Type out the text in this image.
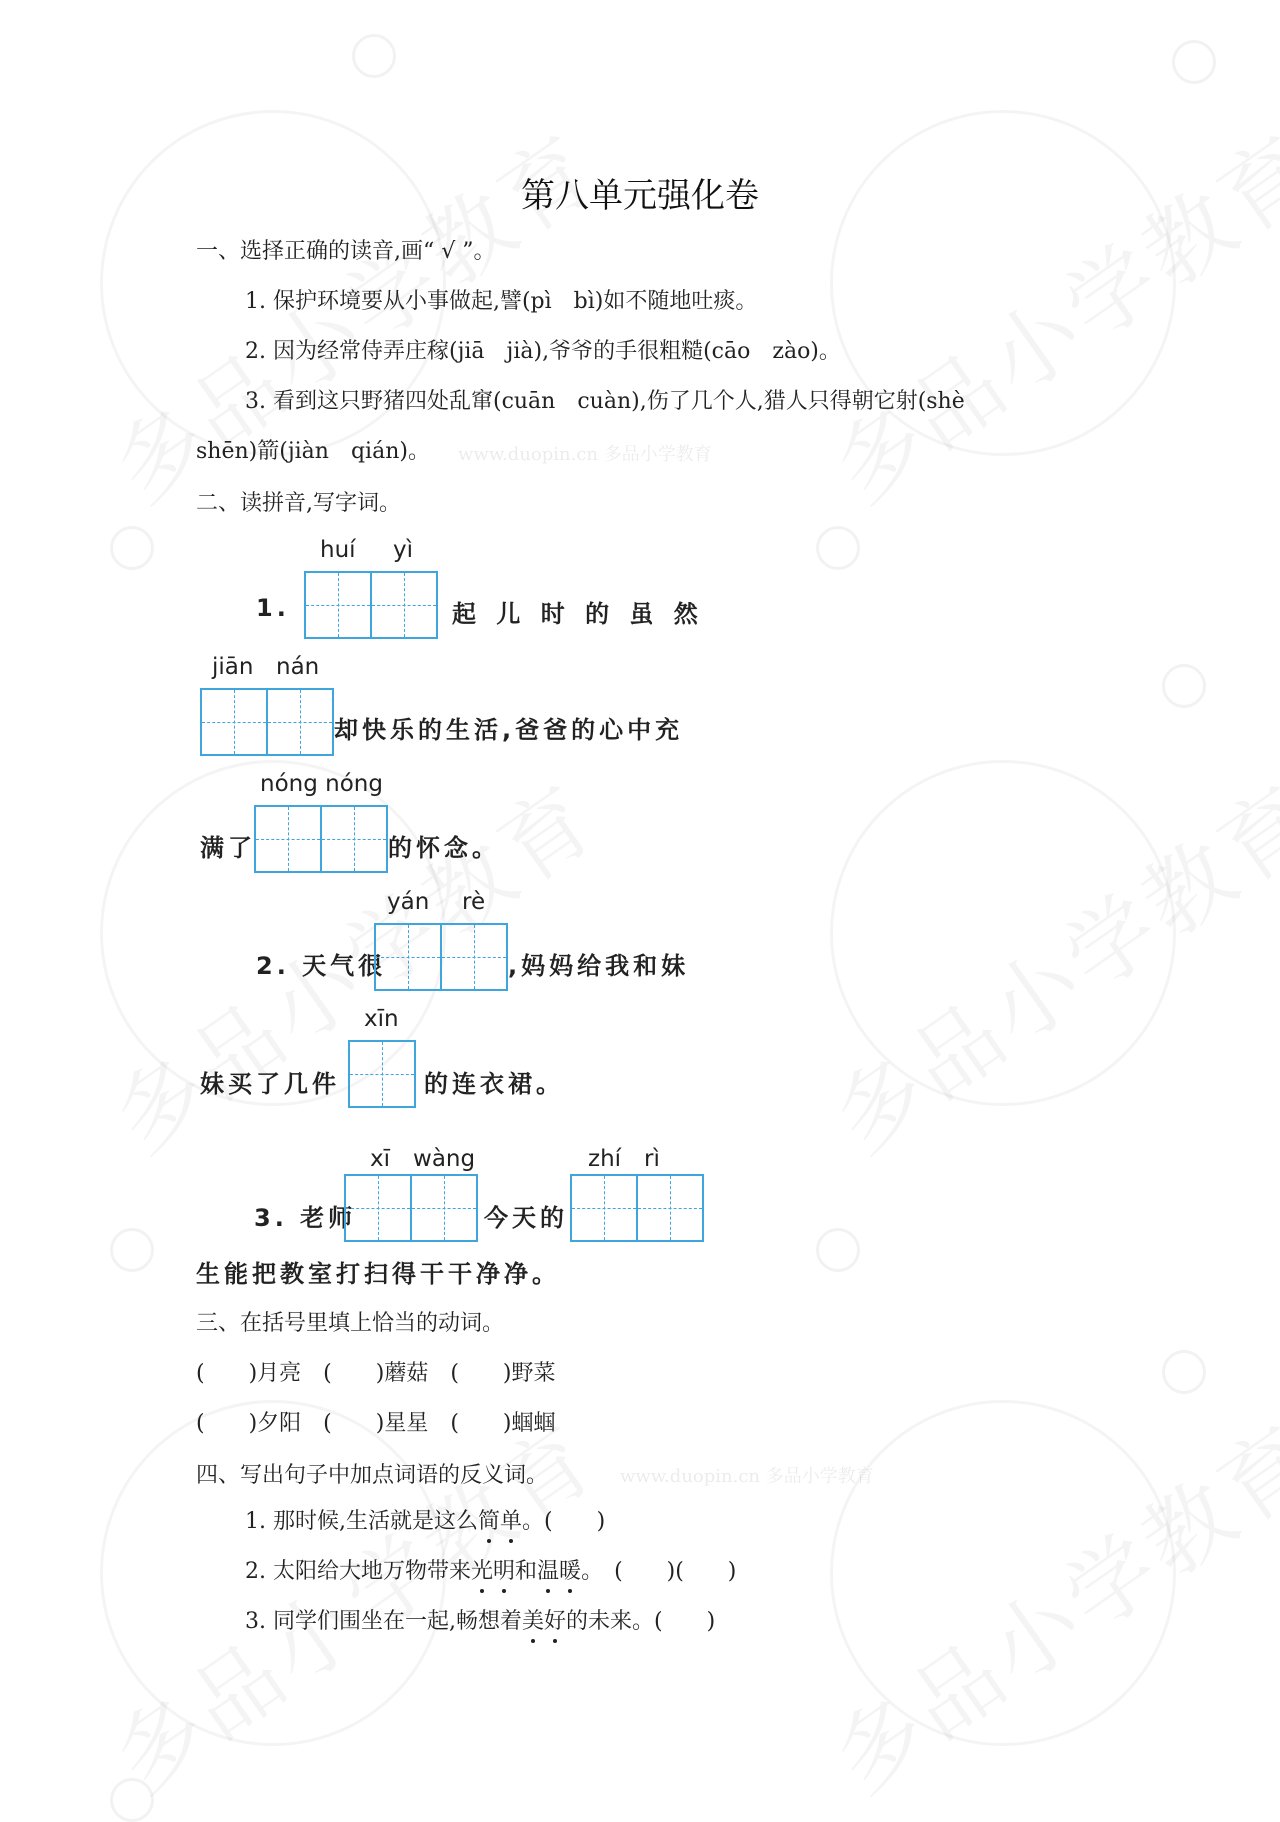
www.duopin.cn 多品小学教育
www.duopin.cn 多品小学教育
第八单元强化卷
一、选择正确的读音,画“ √ ”。
1. 保护环境要从小事做起,譬(pì　bì)如不随地吐痰。
2. 因为经常侍弄庄稼(jiā　jià),爷爷的手很粗糙(cāo　zào)。
3. 看到这只野猪四处乱窜(cuān　cuàn),伤了几个人,猎人只得朝它射(shè
shēn)箭(jiàn　qián)。
二、读拼音,写字词。
huí yì
1.	起 儿 时 的 虽 然
jiān nán
却快乐的生活,爸爸的心中充
nóng nóng
满了	的怀念。
yán rè
2. 天气很	,妈妈给我和妹
xīn
妹买了几件	的连衣裙。
xī　wàng	zhí　rì
3. 老师	今天的
生能把教室打扫得干干净净。
三、在括号里填上恰当的动词。
(　　)月亮　(　　)蘑菇　(　　)野菜
(　　)夕阳　(　　)星星　(　　)蝈蝈
四、写出句子中加点词语的反义词。
1. 那时候,生活就是这么简单。(　　)
2. 太阳给大地万物带来光明和温暖。　(　　)(　　)
3. 同学们围坐在一起,畅想着美好的未来。(　　)
